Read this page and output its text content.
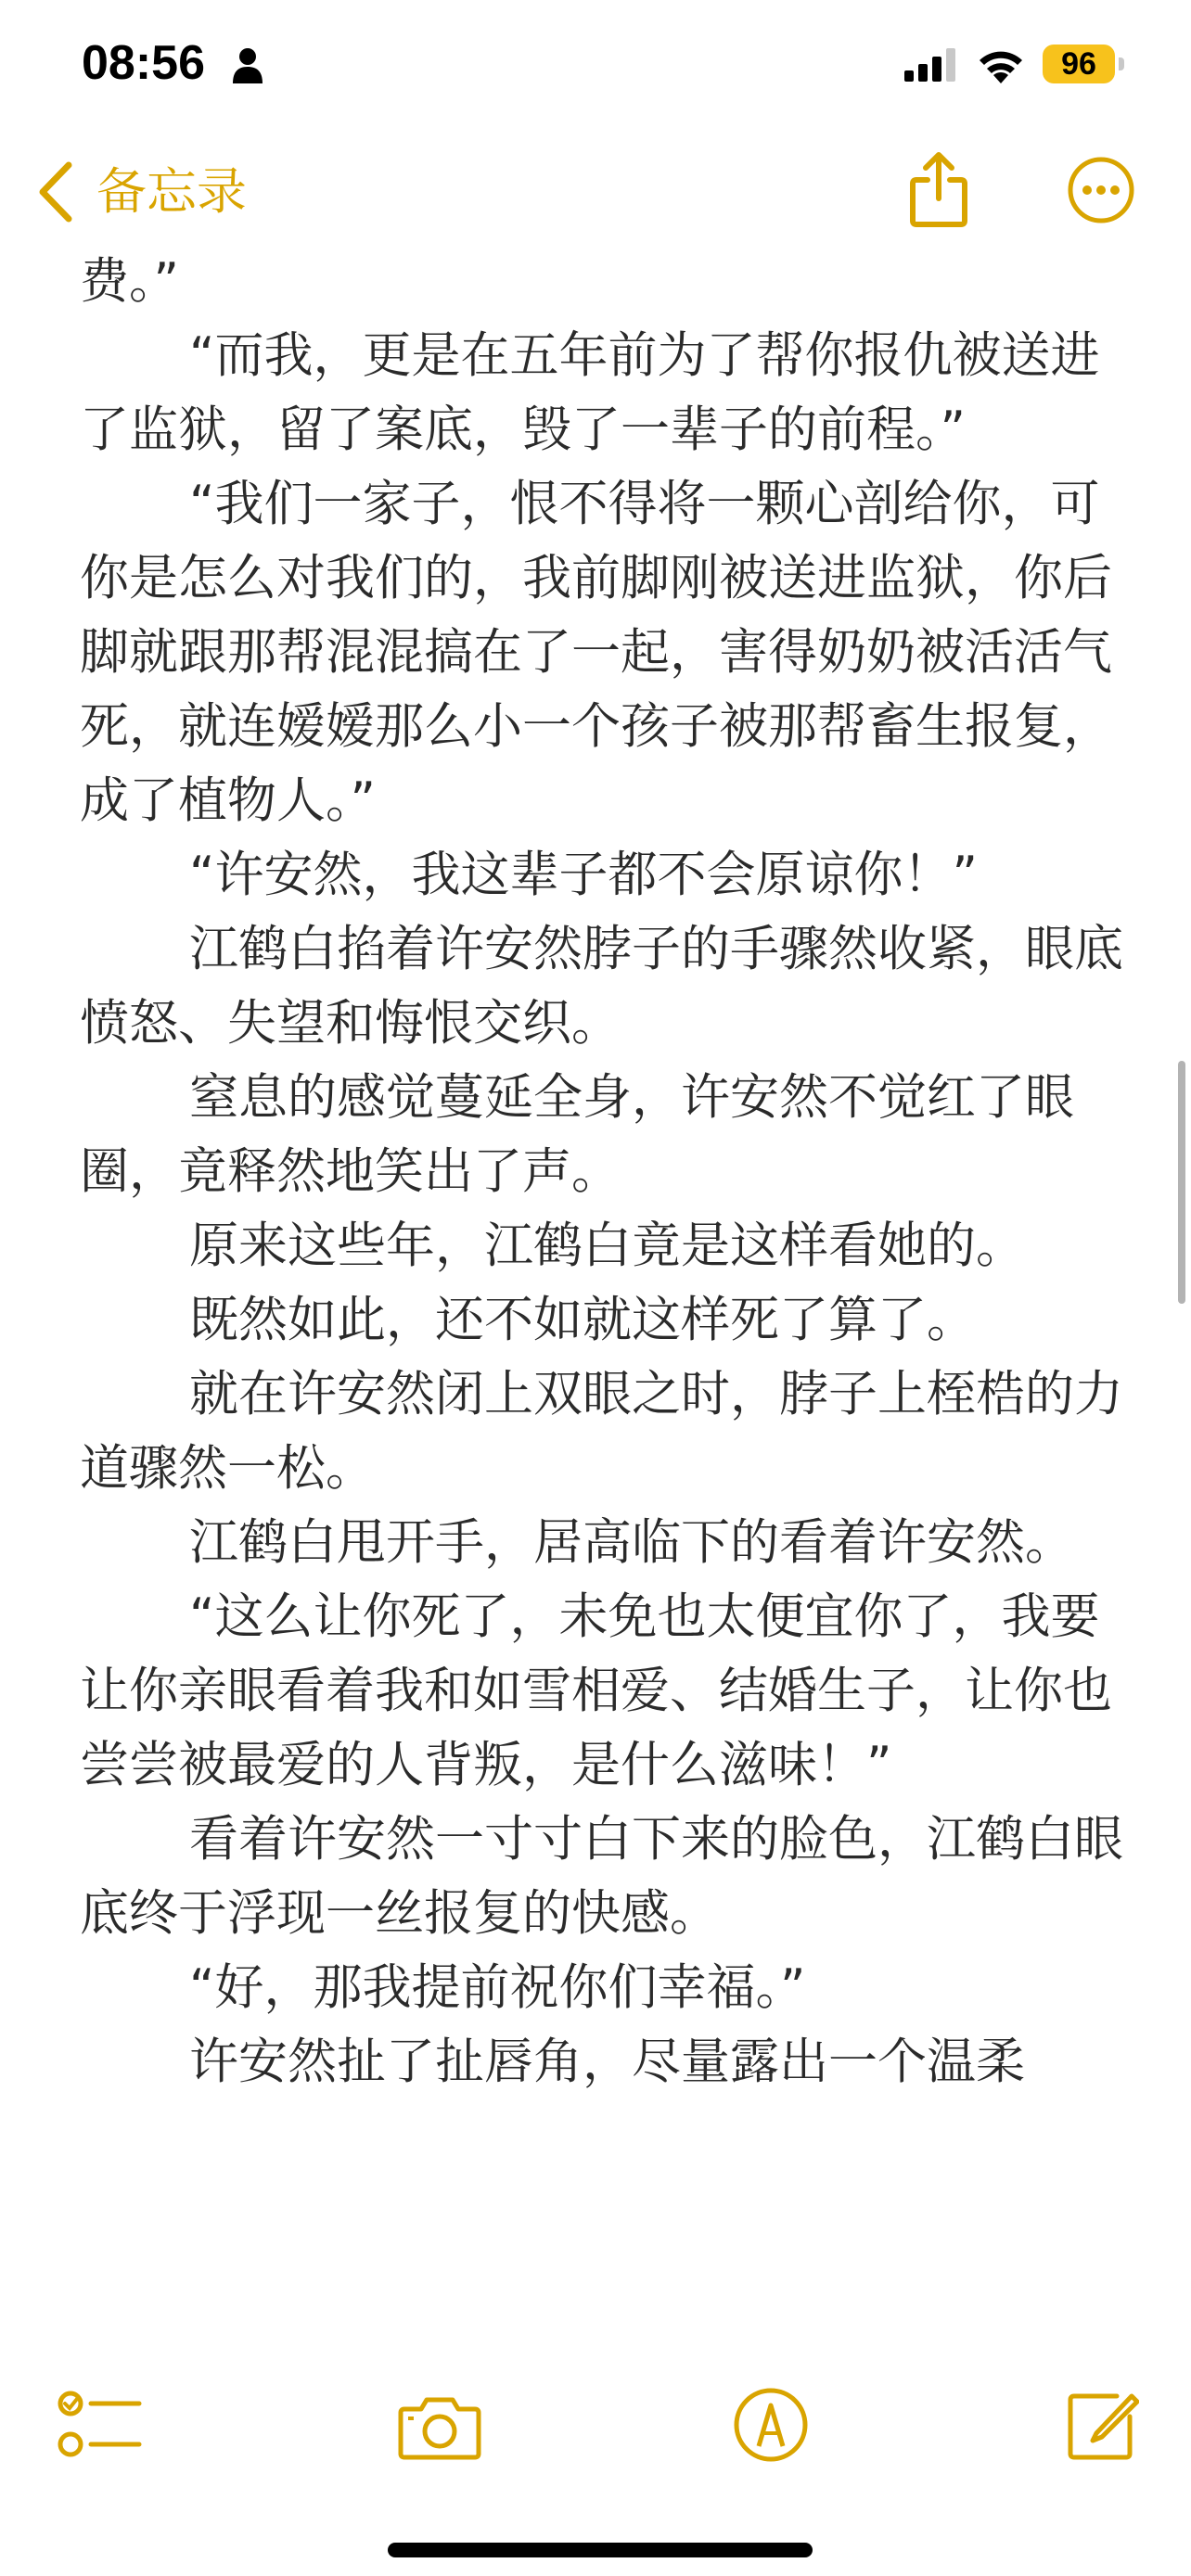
08:56	96

备忘录

费。”

“而我，更是在五年前为了帮你报仇被送进了监狱，留了案底，毁了一辈子的前程。”

“我们一家子，恨不得将一颗心剖给你，可你是怎么对我们的，我前脚刚被送进监狱，你后脚就跟那帮混混搞在了一起，害得奶奶被活活气死，就连嫒嫒那么小一个孩子被那帮畜生报复，成了植物人。”

“许安然，我这辈子都不会原谅你！”

江鹤白掐着许安然脖子的手骤然收紧，眼底愤怒、失望和悔恨交织。

窒息的感觉蔓延全身，许安然不觉红了眼圈，竟释然地笑出了声。

原来这些年，江鹤白竟是这样看她的。

既然如此，还不如就这样死了算了。

就在许安然闭上双眼之时，脖子上桎梏的力道骤然一松。

江鹤白甩开手，居高临下的看着许安然。

“这么让你死了，未免也太便宜你了，我要让你亲眼看着我和如雪相爱、结婚生子，让你也尝尝被最爱的人背叛，是什么滋味！”

看着许安然一寸寸白下来的脸色，江鹤白眼底终于浮现一丝报复的快感。

“好，那我提前祝你们幸福。”

许安然扯了扯唇角，尽量露出一个温柔
